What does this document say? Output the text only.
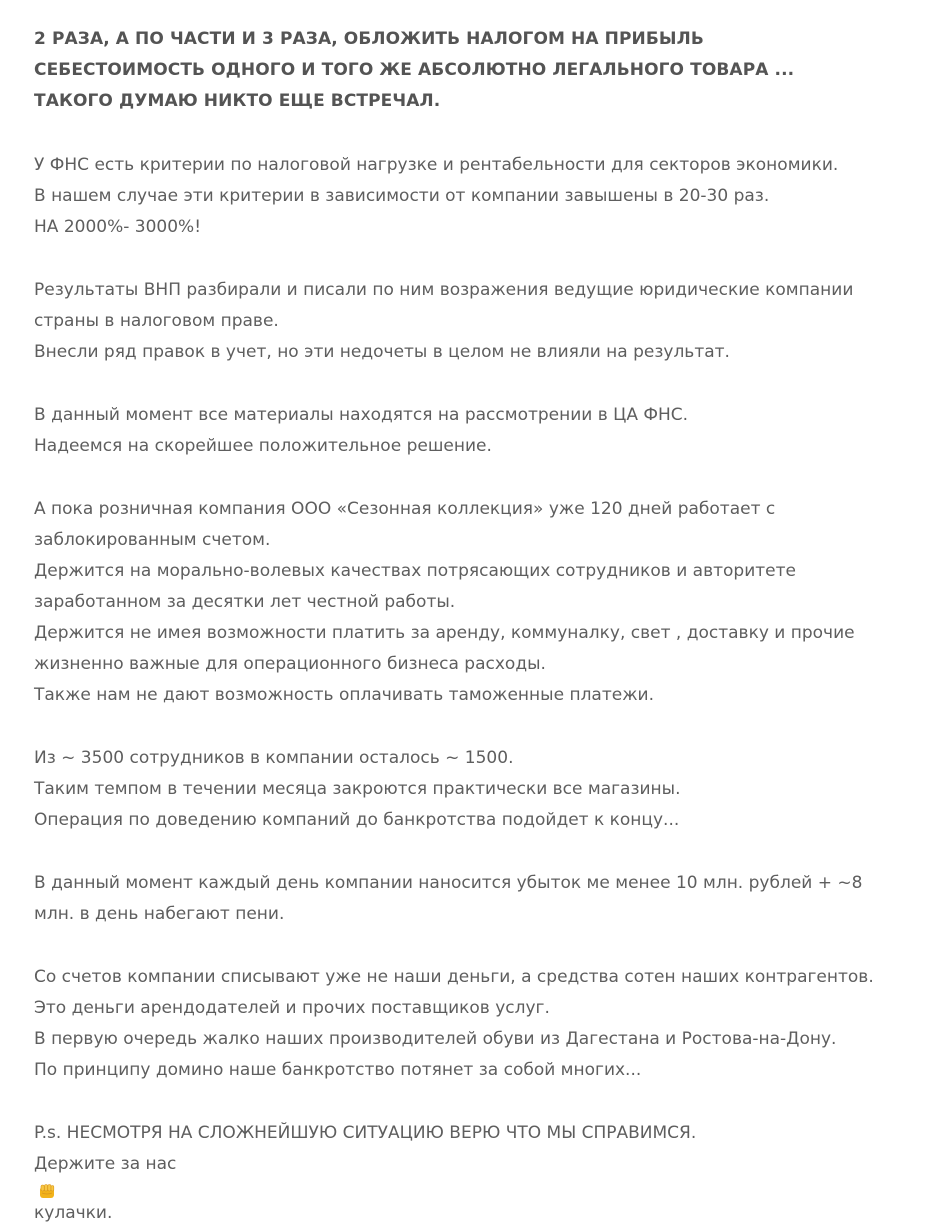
2 РАЗА, А ПО ЧАСТИ И 3 РАЗА, ОБЛОЖИТЬ НАЛОГОМ НА ПРИБЫЛЬ
СЕБЕСТОИМОСТЬ ОДНОГО И ТОГО ЖЕ АБСОЛЮТНО ЛЕГАЛЬНОГО ТОВАРА ...
ТАКОГО ДУМАЮ НИКТО ЕЩЕ ВСТРЕЧАЛ.

У ФНС есть критерии по налоговой нагрузке и рентабельности для секторов экономики.
В нашем случае эти критерии в зависимости от компании завышены в 20-30 раз.
НА 2000%- 3000%!

Результаты ВНП разбирали и писали по ним возражения ведущие юридические компании
страны в налоговом праве.
Внесли ряд правок в учет, но эти недочеты в целом не влияли на результат.

В данный момент все материалы находятся на рассмотрении в ЦА ФНС.
Надеемся на скорейшее положительное решение.

А пока розничная компания ООО «Сезонная коллекция» уже 120 дней работает с
заблокированным счетом.
Держится на морально-волевых качествах потрясающих сотрудников и авторитете
заработанном за десятки лет честной работы.
Держится не имея возможности платить за аренду, коммуналку, свет , доставку и прочие
жизненно важные для операционного бизнеса расходы.
Также нам не дают возможность оплачивать таможенные платежи.

Из ~ 3500 сотрудников в компании осталось ~ 1500.
Таким темпом в течении месяца закроются практически все магазины.
Операция по доведению компаний до банкротства подойдет к концу...

В данный момент каждый день компании наносится убыток ме менее 10 млн. рублей + ~8
млн. в день набегают пени.

Со счетов компании списывают уже не наши деньги, а средства сотен наших контрагентов.
Это деньги арендодателей и прочих поставщиков услуг.
В первую очередь жалко наших производителей обуви из Дагестана и Ростова-на-Дону.
По принципу домино наше банкротство потянет за собой многих...

P.s. НЕСМОТРЯ НА СЛОЖНЕЙШУЮ СИТУАЦИЮ ВЕРЮ ЧТО МЫ СПРАВИМСЯ.
Держите за нас
кулачки.
